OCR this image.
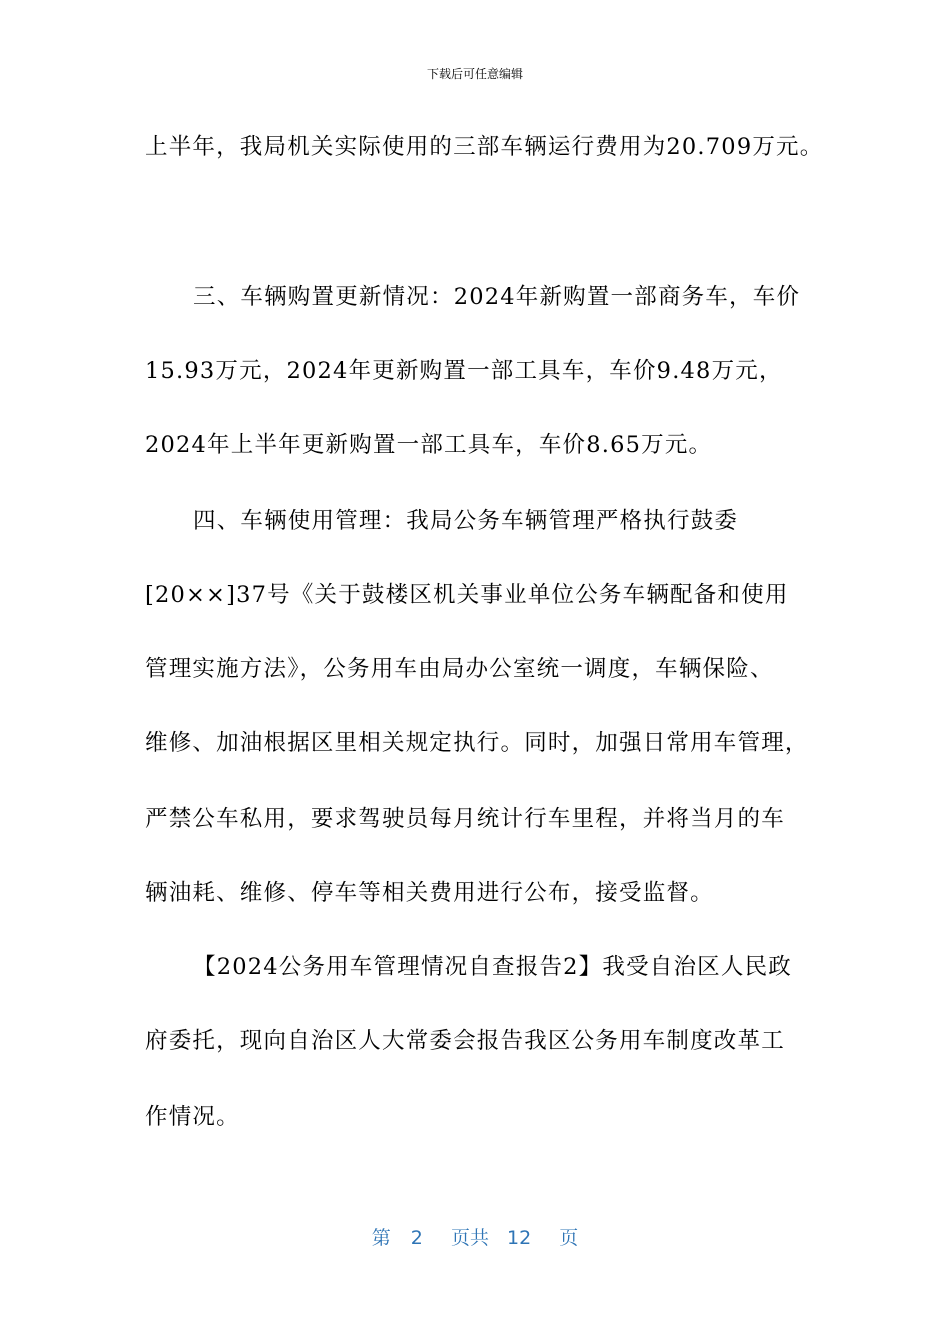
下载后可任意编辑
上半年，我局机关实际使用的三部车辆运行费用为20.709万元。
三、车辆购置更新情况：2024年新购置一部商务车，车价
15.93万元，2024年更新购置一部工具车，车价9.48万元，
2024年上半年更新购置一部工具车，车价8.65万元。
四、车辆使用管理：我局公务车辆管理严格执行鼓委
[20××]37号《关于鼓楼区机关事业单位公务车辆配备和使用
管理实施方法》，公务用车由局办公室统一调度，车辆保险、
维修、加油根据区里相关规定执行。同时，加强日常用车管理，
严禁公车私用，要求驾驶员每月统计行车里程，并将当月的车
辆油耗、维修、停车等相关费用进行公布，接受监督。
【2024公务用车管理情况自查报告2】我受自治区人民政
府委托，现向自治区人大常委会报告我区公务用车制度改革工
作情况。
第 2 页共 12 页
